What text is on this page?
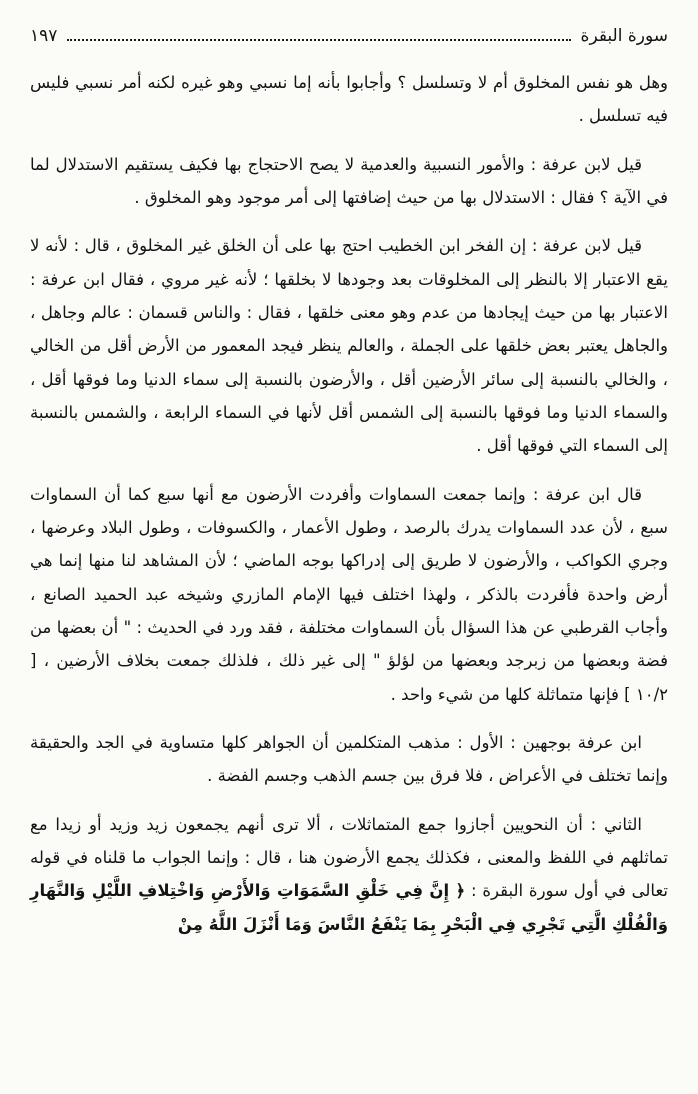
سورة البقرة
١٩٧

وهل هو نفس المخلوق أم لا وتسلسل ؟ وأجابوا بأنه إما نسبي وهو غيره لكنه أمر نسبي فليس فيه تسلسل .

قيل لابن عرفة : والأمور النسبية والعدمية لا يصح الاحتجاج بها فكيف يستقيم الاستدلال لما في الآية ؟ فقال : الاستدلال بها من حيث إضافتها إلى أمر موجود وهو المخلوق .

قيل لابن عرفة : إن الفخر ابن الخطيب احتج بها على أن الخلق غير المخلوق ، قال : لأنه لا يقع الاعتبار إلا بالنظر إلى المخلوقات بعد وجودها لا بخلقها ؛ لأنه غير مروي ، فقال ابن عرفة : الاعتبار بها من حيث إيجادها من عدم وهو معنى خلقها ، فقال : والناس قسمان : عالم وجاهل ، والجاهل يعتبر بعض خلقها على الجملة ، والعالم ينظر فيجد المعمور من الأرض أقل من الخالي ، والخالي بالنسبة إلى سائر الأرضين أقل ، والأرضون بالنسبة إلى سماء الدنيا وما فوقها أقل ، والسماء الدنيا وما فوقها بالنسبة إلى الشمس أقل لأنها في السماء الرابعة ، والشمس بالنسبة إلى السماء التي فوقها أقل .

قال ابن عرفة : وإنما جمعت السماوات وأفردت الأرضون مع أنها سبع كما أن السماوات سبع ، لأن عدد السماوات يدرك بالرصد ، وطول الأعمار ، والكسوفات ، وطول البلاد وعرضها ، وجري الكواكب ، والأرضون لا طريق إلى إدراكها بوجه الماضي ؛ لأن المشاهد لنا منها إنما هي أرض واحدة فأفردت بالذكر ، ولهذا اختلف فيها الإمام المازري وشيخه عبد الحميد الصانع ، وأجاب القرطبي عن هذا السؤال بأن السماوات مختلفة ، فقد ورد في الحديث : " أن بعضها من فضة وبعضها من زبرجد وبعضها من لؤلؤ " إلى غير ذلك ، فلذلك جمعت بخلاف الأرضين ، [ ١٠/٢ ] فإنها متماثلة كلها من شيء واحد .

ابن عرفة بوجهين : الأول : مذهب المتكلمين أن الجواهر كلها متساوية في الجد والحقيقة وإنما تختلف في الأعراض ، فلا فرق بين جسم الذهب وجسم الفضة .

الثاني : أن النحويين أجازوا جمع المتماثلات ، ألا ترى أنهم يجمعون زيد وزيد أو زيدا مع تماثلهم في اللفظ والمعنى ، فكذلك يجمع الأرضون هنا ، قال : وإنما الجواب ما قلناه في قوله تعالى في أول سورة البقرة : ﴿ إِنَّ فِي خَلْقِ السَّمَوَاتِ وَالأَرْضِ وَاخْتِلافِ اللَّيْلِ وَالنَّهَارِ وَالْفُلْكِ الَّتِي تَجْرِي فِي الْبَحْرِ بِمَا يَنْفَعُ النَّاسَ وَمَا أَنْزَلَ اللَّهُ مِنْ
